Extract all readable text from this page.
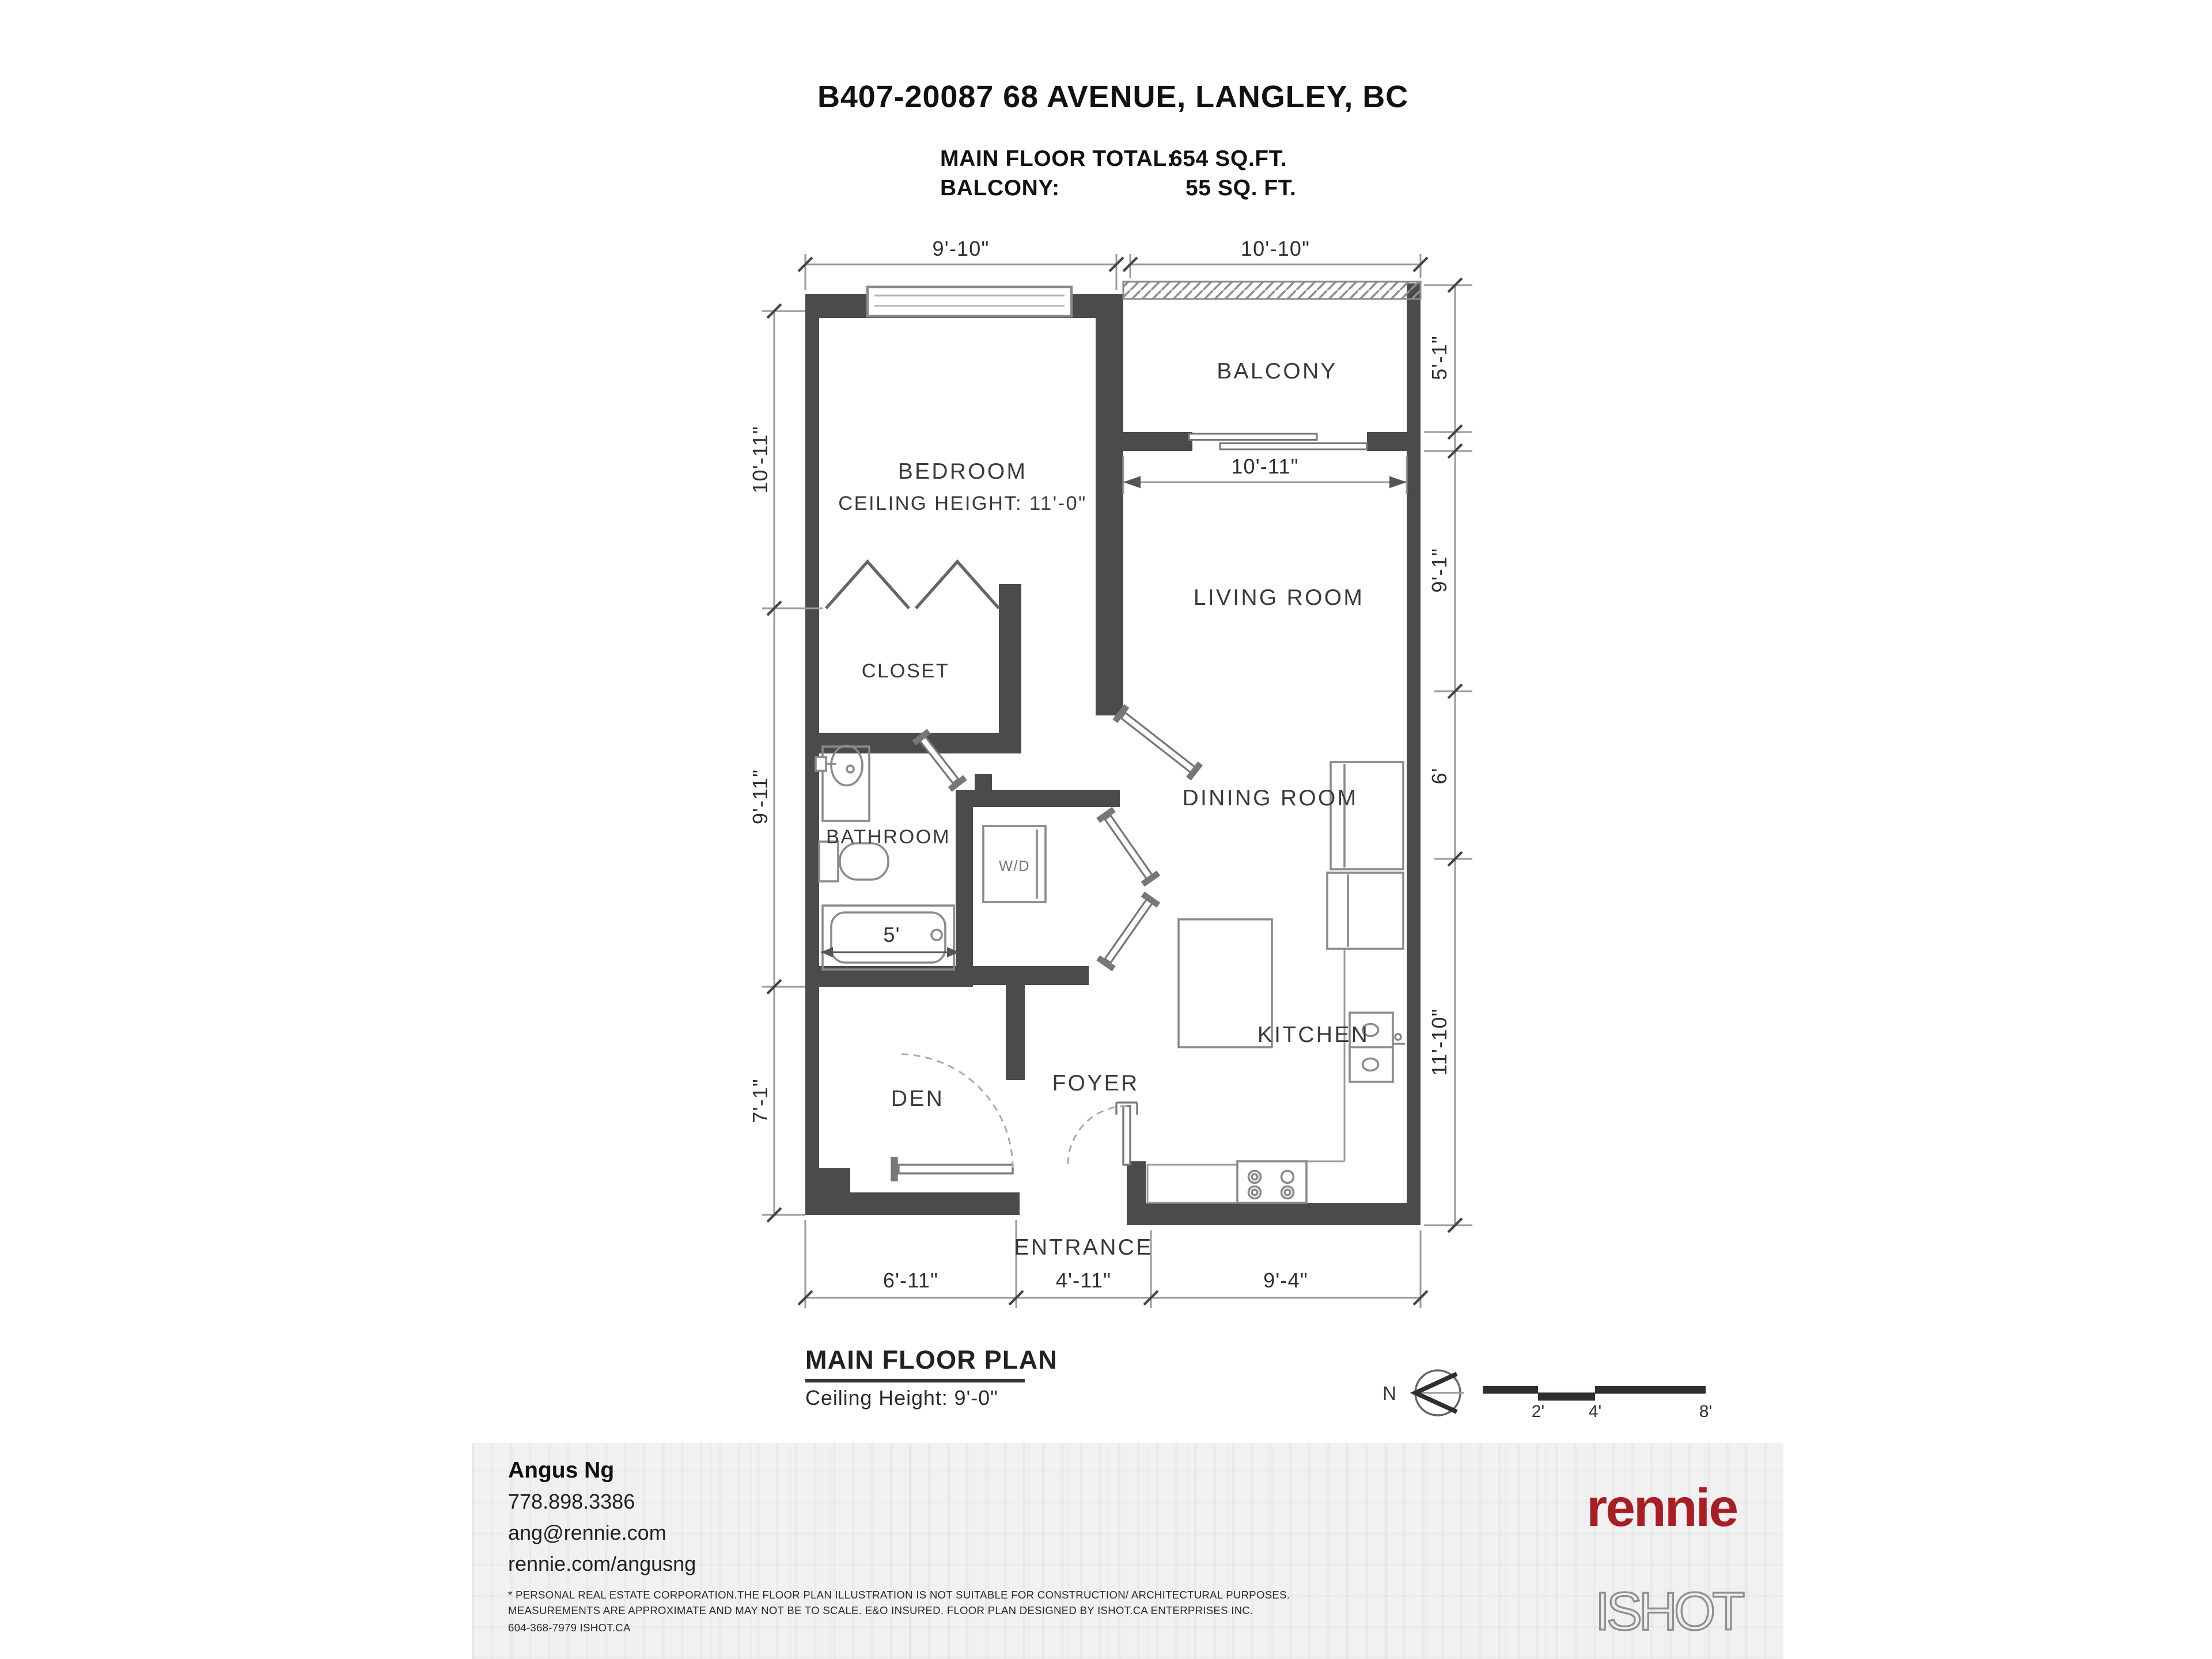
B407-20087 68 AVENUE, LANGLEY, BC
MAIN FLOOR TOTAL:
654 SQ.FT.
BALCONY:	55 SQ. FT.
9'-10"	10'-10"
10'-11"
10'-11"
9'-11"
7'-1"
5'-1"
9'-1"
6'
11'-10"
6'-11"	4'-11"	9'-4"
5'
BEDROOM
CEILING HEIGHT: 11'-0"
BALCONY
LIVING ROOM
DINING ROOM
KITCHEN
CLOSET
BATHROOM
W/D
DEN
FOYER
ENTRANCE
N
2'	4'	8'
MAIN FLOOR PLAN
Ceiling Height: 9'-0"
Angus Ng
778.898.3386
ang@rennie.com
rennie.com/angusng
* PERSONAL REAL ESTATE CORPORATION.THE FLOOR PLAN ILLUSTRATION IS NOT SUITABLE FOR CONSTRUCTION/ ARCHITECTURAL PURPOSES.
MEASUREMENTS ARE APPROXIMATE AND MAY NOT BE TO SCALE. E&O INSURED. FLOOR PLAN DESIGNED BY ISHOT.CA ENTERPRISES INC.
604-368-7979 ISHOT.CA
rennie
ISHOT
